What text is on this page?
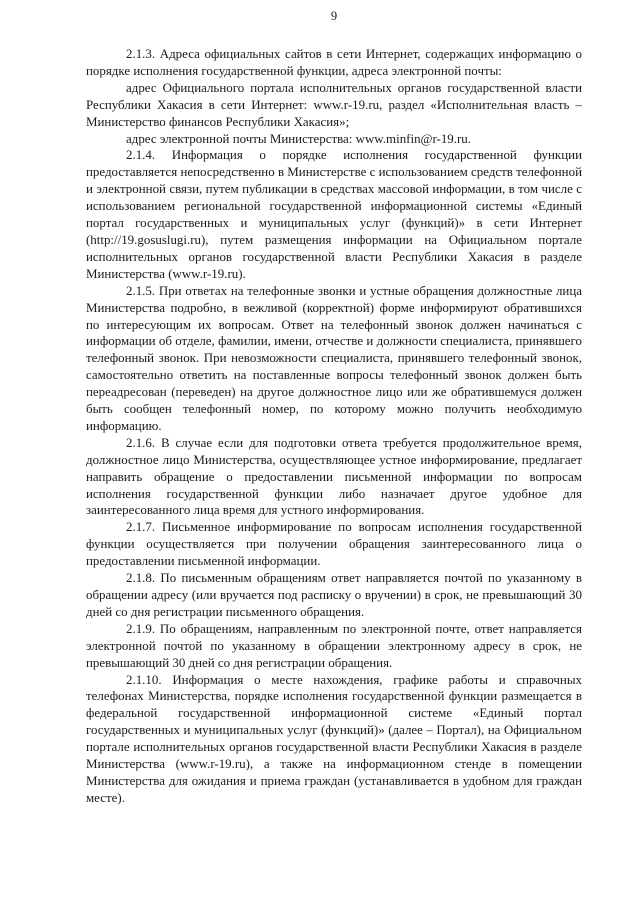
9

2.1.3. Адреса официальных сайтов в сети Интернет, содержащих информацию о порядке исполнения государственной функции, адреса электронной почты:

адрес Официального портала исполнительных органов государственной власти Республики Хакасия в сети Интернет: www.r-19.ru, раздел «Исполнительная власть – Министерство финансов Республики Хакасия»;

адрес электронной почты Министерства: www.minfin@r-19.ru.

2.1.4. Информация о порядке исполнения государственной функции предоставляется непосредственно в Министерстве с использованием средств телефонной и электронной связи, путем публикации в средствах массовой информации, в том числе с использованием региональной государственной информационной системы «Единый портал государственных и муниципальных услуг (функций)» в сети Интернет (http://19.gosuslugi.ru), путем размещения информации на Официальном портале исполнительных органов государственной власти Республики Хакасия в разделе Министерства (www.r-19.ru).

2.1.5. При ответах на телефонные звонки и устные обращения должностные лица Министерства подробно, в вежливой (корректной) форме информируют обратившихся по интересующим их вопросам. Ответ на телефонный звонок должен начинаться с информации об отделе, фамилии, имени, отчестве и должности специалиста, принявшего телефонный звонок. При невозможности специалиста, принявшего телефонный звонок, самостоятельно ответить на поставленные вопросы телефонный звонок должен быть переадресован (переведен) на другое должностное лицо или же обратившемуся должен быть сообщен телефонный номер, по которому можно получить необходимую информацию.

2.1.6. В случае если для подготовки ответа требуется продолжительное время, должностное лицо Министерства, осуществляющее устное информирование, предлагает направить обращение о предоставлении письменной информации по вопросам исполнения государственной функции либо назначает другое удобное для заинтересованного лица время для устного информирования.

2.1.7. Письменное информирование по вопросам исполнения государственной функции осуществляется при получении обращения заинтересованного лица о предоставлении письменной информации.

2.1.8. По письменным обращениям ответ направляется почтой по указанному в обращении адресу (или вручается под расписку о вручении) в срок, не превышающий 30 дней со дня регистрации письменного обращения.

2.1.9. По обращениям, направленным по электронной почте, ответ направляется электронной почтой по указанному в обращении электронному адресу в срок, не превышающий 30 дней со дня регистрации обращения.

2.1.10. Информация о месте нахождения, графике работы и справочных телефонах Министерства, порядке исполнения государственной функции размещается в федеральной государственной информационной системе «Единый портал государственных и муниципальных услуг (функций)» (далее – Портал), на Официальном портале исполнительных органов государственной власти Республики Хакасия в разделе Министерства (www.r-19.ru), а также на информационном стенде в помещении Министерства для ожидания и приема граждан (устанавливается в удобном для граждан месте).
